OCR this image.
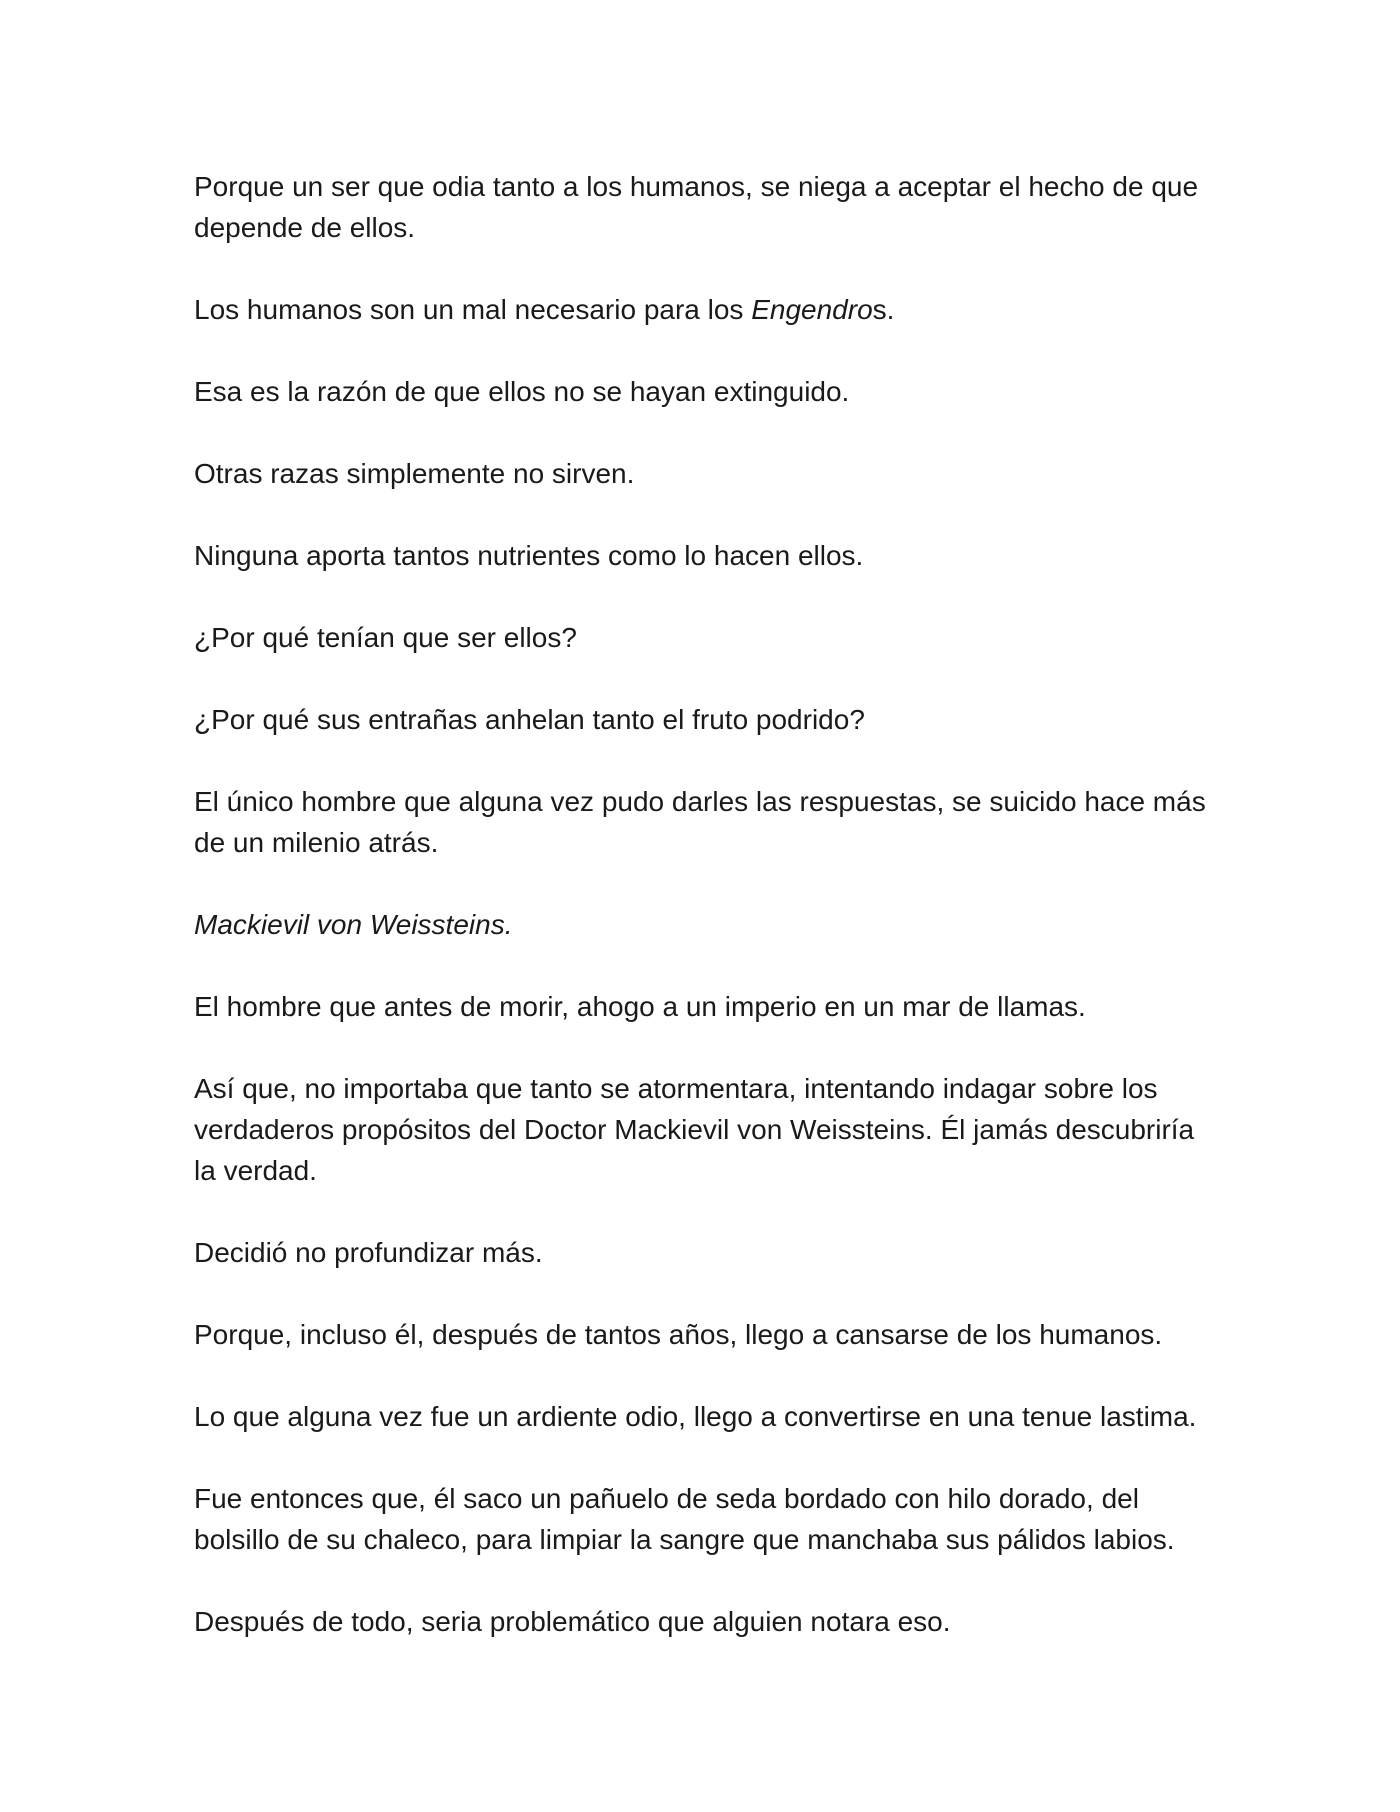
Porque un ser que odia tanto a los humanos, se niega a aceptar el hecho de que depende de ellos.

Los humanos son un mal necesario para los Engendros.

Esa es la razón de que ellos no se hayan extinguido.

Otras razas simplemente no sirven.

Ninguna aporta tantos nutrientes como lo hacen ellos.

¿Por qué tenían que ser ellos?

¿Por qué sus entrañas anhelan tanto el fruto podrido?

El único hombre que alguna vez pudo darles las respuestas, se suicido hace más de un milenio atrás.

Mackievil von Weissteins.

El hombre que antes de morir, ahogo a un imperio en un mar de llamas.

Así que, no importaba que tanto se atormentara, intentando indagar sobre los verdaderos propósitos del Doctor Mackievil von Weissteins. Él jamás descubriría la verdad.

Decidió no profundizar más.

Porque, incluso él, después de tantos años, llego a cansarse de los humanos.

Lo que alguna vez fue un ardiente odio, llego a convertirse en una tenue lastima.

Fue entonces que, él saco un pañuelo de seda bordado con hilo dorado, del bolsillo de su chaleco, para limpiar la sangre que manchaba sus pálidos labios.

Después de todo, seria problemático que alguien notara eso.
